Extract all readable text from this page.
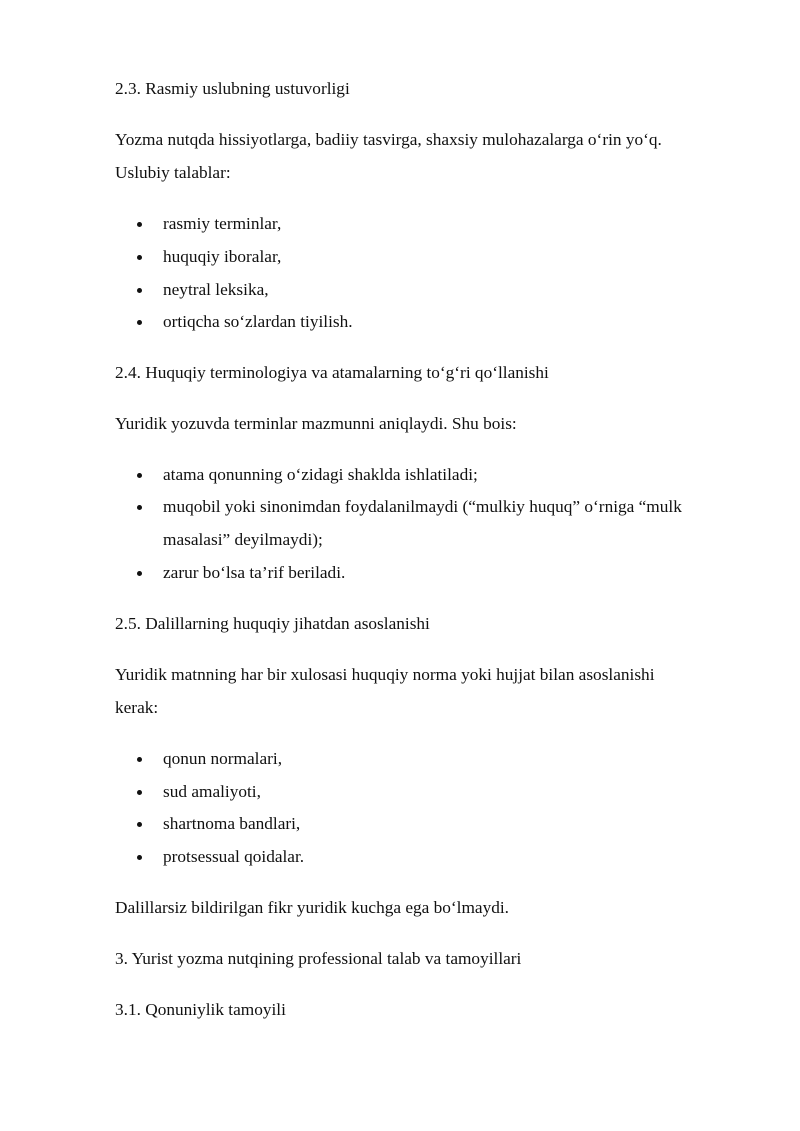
2.3. Rasmiy uslubning ustuvorligi
Yozma nutqda hissiyotlarga, badiiy tasvirga, shaxsiy mulohazalarga o‘rin yo‘q.
Uslubiy talablar:
rasmiy terminlar,
huquqiy iboralar,
neytral leksika,
ortiqcha so‘zlardan tiyilish.
2.4. Huquqiy terminologiya va atamalarning to‘g‘ri qo‘llanishi
Yuridik yozuvda terminlar mazmunni aniqlaydi. Shu bois:
atama qonunning o‘zidagi shaklda ishlatiladi;
muqobil yoki sinonimdan foydalanilmaydi (“mulkiy huquq” o‘rniga “mulk
masalasi” deyilmaydi);
zarur bo‘lsa ta’rif beriladi.
2.5. Dalillarning huquqiy jihatdan asoslanishi
Yuridik matnning har bir xulosasi huquqiy norma yoki hujjat bilan asoslanishi
kerak:
qonun normalari,
sud amaliyoti,
shartnoma bandlari,
protsessual qoidalar.
Dalillarsiz bildirilgan fikr yuridik kuchga ega bo‘lmaydi.
3. Yurist yozma nutqining professional talab va tamoyillari
3.1. Qonuniylik tamoyili
